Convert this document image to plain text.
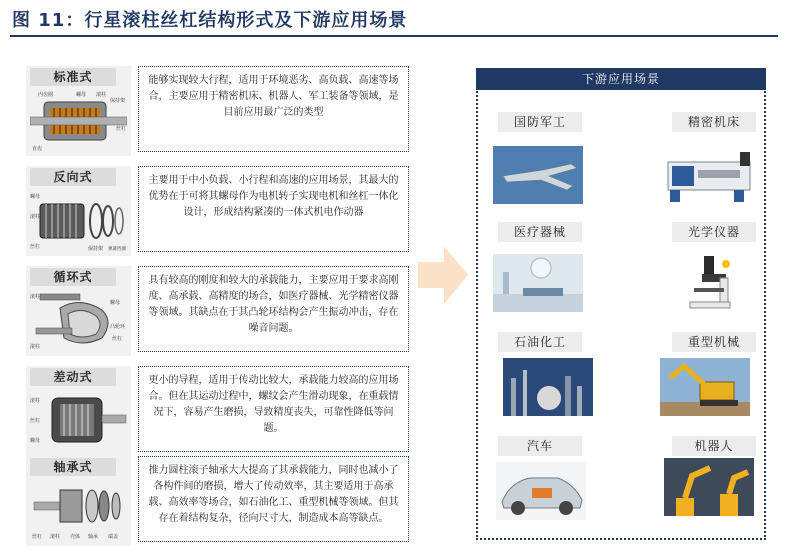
图 11：行星滚柱丝杠结构形式及下游应用场景
标准式
内齿圈	螺母 滚柱
保持架
丝杠
直齿
能够实现较大行程，适用于环境恶劣、高负载、高速等场合，主要应用于精密机床、机器人、军工装备等领域，是目前应用最广泛的类型
反向式
螺母
滚柱
丝杠	保持架 弹簧挡圈
主要用于中小负载、小行程和高速的应用场景，其最大的优势在于可将其螺母作为电机转子实现电机和丝杠一体化设计，形成结构紧凑的一体式机电作动器
循环式
滚柱
螺母
凸轮环
丝杠
滚柱
具有较高的刚度和较大的承载能力，主要应用于要求高刚度、高承载、高精度的场合，如医疗器械、光学精密仪器等领域。其缺点在于其凸轮环结构会产生振动冲击，存在噪音问题。
差动式
滚柱
丝杠
螺母
更小的导程，适用于传动比较大，承载能力较高的应用场合。但在其运动过程中，螺纹会产生滑动现象，在重载情况下，容易产生磨损，导致精度丧失，可靠性降低等问题。
轴承式
丝杠 滚柱 壳体 轴承 端盖
推力圆柱滚子轴承大大提高了其承载能力，同时也减小了各构件间的磨损，增大了传动效率，其主要适用于高承载、高效率等场合，如石油化工、重型机械等领域。但其存在着结构复杂，径向尺寸大，制造成本高等缺点。
下游应用场景
国防军工
医疗器械
石油化工
汽车
精密机床
光学仪器
重型机械
机器人
